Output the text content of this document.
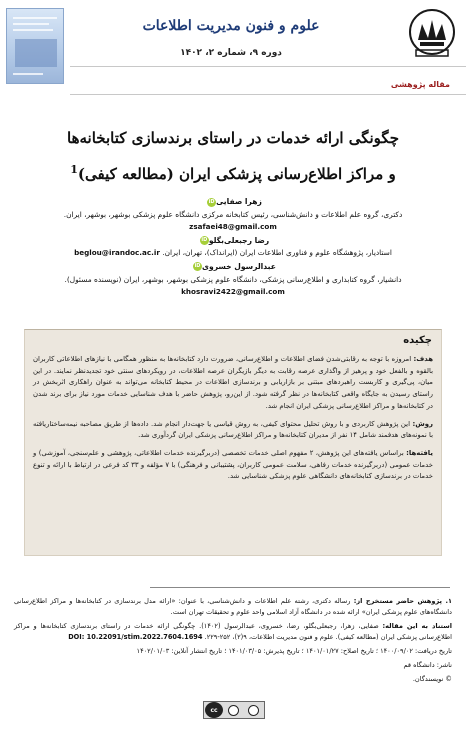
علوم و فنون مدیریت اطلاعات
دوره ۹، شماره ۲، ۱۴۰۲
مقاله پژوهشی
چگونگی ارائه خدمات در راستای برندسازی کتابخانه‌ها
و مراکز اطلاع‌رسانی پزشکی ایران (مطالعه کیفی)$^1$
زهرا صفاییiD
دکتری، گروه علم اطلاعات و دانش‌شناسی، رئیس کتابخانه مرکزی دانشگاه علوم پزشکی بوشهر، بوشهر، ایران.
zsafaei48@gmail.com
رضا رجبعلی‌بگلوiD
استادیار، پژوهشگاه علوم و فناوری اطلاعات ایران (ایرانداک)، تهران، ایران. beglou@irandoc.ac.ir
عبدالرسول خسرویiD
دانشیار، گروه کتابداری و اطلاع‌رسانی پزشکی، دانشگاه علوم پزشکی بوشهر، بوشهر، ایران (نویسنده مسئول).
khosravi2422@gmail.com
چکیده

هدف: امروزه با توجه به رقابتی‌شدن فضای اطلاعات و اطلاع‌رسانی، ضرورت دارد کتابخانه‌ها به منظور همگامی با نیازهای اطلاعاتی کاربران بالقوه و بالفعل خود و پرهیز از واگذاری عرصه رقابت به دیگر بازیگران عرصه اطلاعات، در رویکردهای سنتی خود تجدیدنظر نمایند. در این میان، پی‌گیری و کاربست راهبردهای مبتنی بر بازاریابی و برندسازی اطلاعات در محیط کتابخانه می‌تواند به عنوان راهکاری اثربخش در راستای رسیدن به جایگاه واقعی کتابخانه‌ها در نظر گرفته شود. از این‌رو، پژوهش حاضر با هدف شناسایی خدمات مورد نیاز برای برند شدن در کتابخانه‌ها و مراکز اطلاع‌رسانی پزشکی ایران انجام شد.

روش: این پژوهش کاربردی و با روش تحلیل محتوای کیفی، به روش قیاسی یا جهت‌دار انجام شد. داده‌ها از طریق مصاحبه نیمه‌ساختاریافته با نمونه‌های هدفمند شامل ۱۴ نفر از مدیران کتابخانه‌ها و مراکز اطلاع‌رسانی پزشکی ایران گردآوری شد.

یافته‌ها: براساس یافته‌های این پژوهش، ۲ مفهوم اصلی خدمات تخصصی (دربرگیرنده خدمات اطلاعاتی، پژوهشی و علم‌سنجی، آموزشی) و خدمات عمومی (دربرگیرنده خدمات رفاهی، سلامت عمومی کاربران، پشتیبانی و فرهنگی) با ۷ مؤلفه و ۳۳ کد فرعی در ارتباط با ارائه و تنوع خدمات در برندسازی کتابخانه‌های دانشگاهی علوم پزشکی شناسایی شد.

۱. پژوهش حاضر مستخرج از: رساله دکتری، رشته علم اطلاعات و دانش‌شناسی، با عنوان: «ارائه مدل برندسازی در کتابخانه‌ها و مراکز اطلاع‌رسانی دانشگاه‌های علوم پزشکی ایران» ارائه شده در دانشگاه آزاد اسلامی واحد علوم و تحقیقات تهران است.

استناد به این مقاله: صفایی، زهرا، رجبعلی‌بگلو، رضا، خسروی، عبدالرسول (۱۴۰۲). چگونگی ارائه خدمات در راستای برندسازی کتابخانه‌ها و مراکز اطلاع‌رسانی پزشکی ایران (مطالعه کیفی). علوم و فنون مدیریت اطلاعات، ۹(۲)، ۲۵۲-۲۲۹. DOI: 10.22091/stim.2022.7604.1694

تاریخ دریافت: ۱۴۰۰/۰۹/۰۲ ؛ تاریخ اصلاح: ۱۴۰۱/۰۱/۲۷ ؛ تاریخ پذیرش: ۱۴۰۱/۰۳/۰۵ ؛ تاریخ انتشار آنلاین: ۱۴۰۲/۰۱/۰۳

ناشر: دانشگاه قم

© نویسندگان.

cc
